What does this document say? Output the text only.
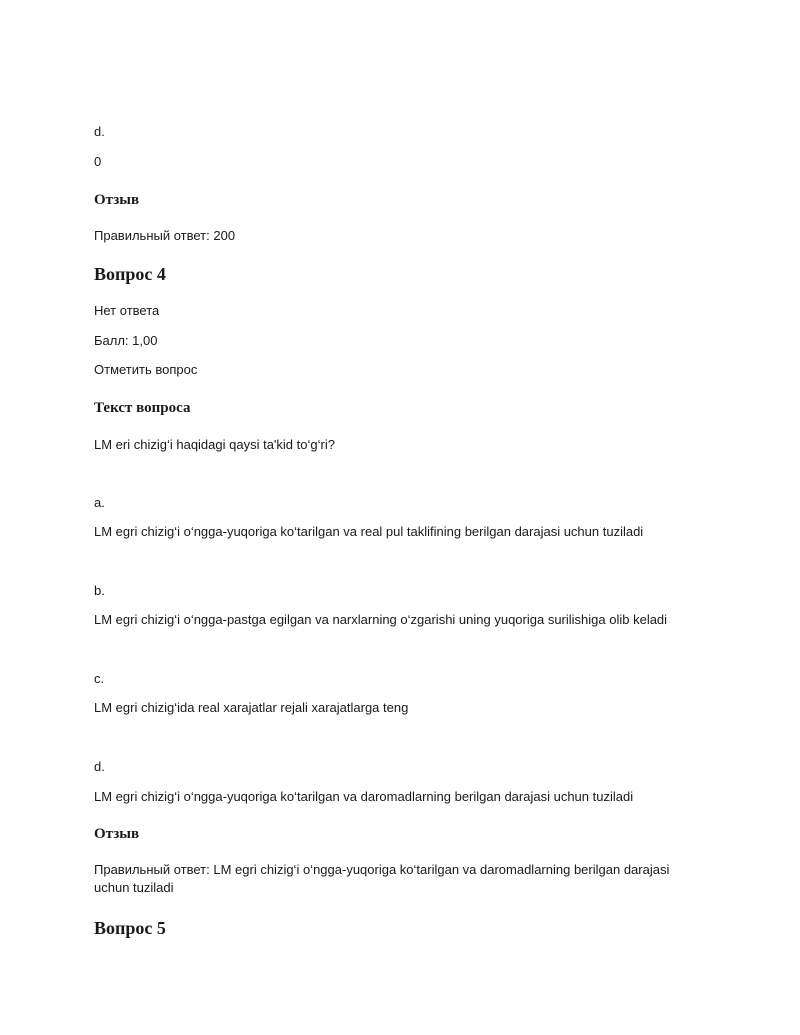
d.
0
Отзыв
Правильный ответ: 200
Вопрос 4
Нет ответа
Балл: 1,00
Отметить вопрос
Текст вопроса
LM eri chizig‘i haqidagi qaysi ta'kid to‘g‘ri?
a.
LM egri chizig‘i o‘ngga-yuqoriga ko‘tarilgan va real pul taklifining berilgan darajasi uchun tuziladi
b.
LM egri chizig‘i o‘ngga-pastga egilgan va narxlarning o‘zgarishi uning yuqoriga surilishiga olib keladi
c.
LM egri chizig‘ida real xarajatlar rejali xarajatlarga teng
d.
LM egri chizig‘i o‘ngga-yuqoriga ko‘tarilgan va daromadlarning berilgan darajasi uchun tuziladi
Отзыв
Правильный ответ: LM egri chizig‘i o‘ngga-yuqoriga ko‘tarilgan va daromadlarning berilgan darajasi uchun tuziladi
Вопрос 5
